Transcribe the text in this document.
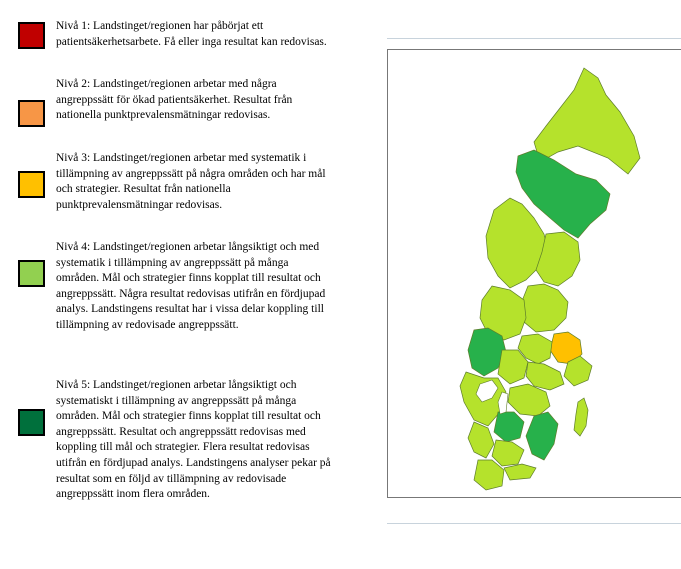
Nivå 1: Landstinget/regionen har påbörjat ett patientsäkerhetsarbete. Få eller inga resultat kan redovisas.
Nivå 2: Landstinget/regionen arbetar med några angreppssätt för ökad patientsäkerhet. Resultat från nationella punktprevalensmätningar redovisas.
Nivå 3: Landstinget/regionen arbetar med systematik i tillämpning av angreppssätt på några områden och har mål och strategier. Resultat från nationella punktprevalensmätningar redovisas.
Nivå 4: Landstinget/regionen arbetar långsiktigt och med systematik i tillämpning av angreppssätt på många områden. Mål och strategier finns kopplat till resultat och angreppssätt. Några resultat redovisas utifrån en fördjupad analys. Landstingens resultat har i vissa delar koppling till tillämpning av redovisade angreppssätt.
Nivå 5: Landstinget/regionen arbetar långsiktigt och systematiskt i tillämpning av angreppssätt på många områden. Mål och strategier finns kopplat till resultat och angreppssätt. Resultat och angreppssätt redovisas med koppling till mål och strategier. Flera resultat redovisas utifrån en fördjupad analys. Landstingens analyser pekar på resultat som en följd av tillämpning av redovisade angreppssätt inom flera områden.
